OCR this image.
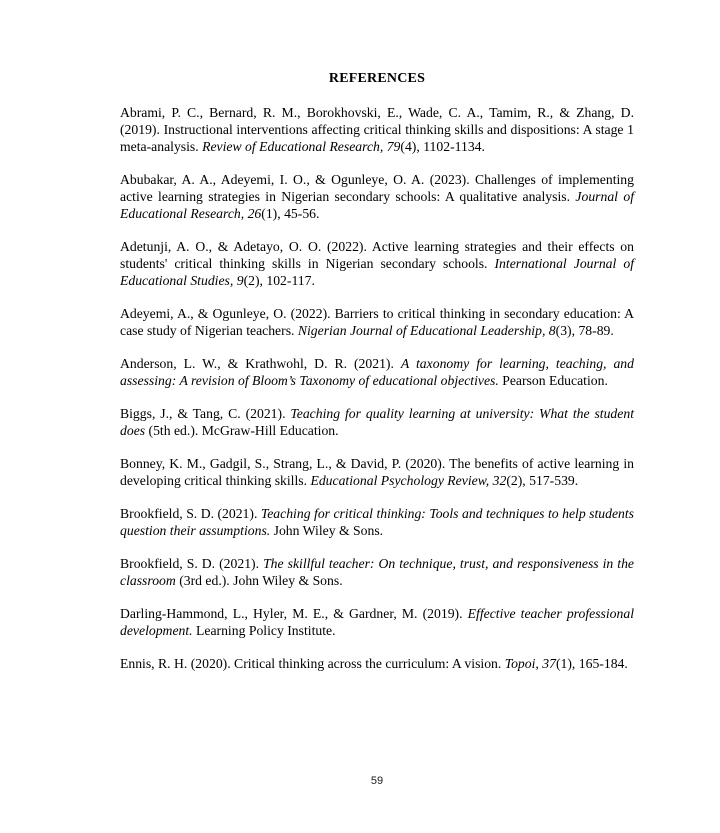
REFERENCES

Abrami, P. C., Bernard, R. M., Borokhovski, E., Wade, C. A., Tamim, R., & Zhang, D. (2019). Instructional interventions affecting critical thinking skills and dispositions: A stage 1 meta-analysis. Review of Educational Research, 79(4), 1102-1134.

Abubakar, A. A., Adeyemi, I. O., & Ogunleye, O. A. (2023). Challenges of implementing active learning strategies in Nigerian secondary schools: A qualitative analysis. Journal of Educational Research, 26(1), 45-56.

Adetunji, A. O., & Adetayo, O. O. (2022). Active learning strategies and their effects on students' critical thinking skills in Nigerian secondary schools. International Journal of Educational Studies, 9(2), 102-117.

Adeyemi, A., & Ogunleye, O. (2022). Barriers to critical thinking in secondary education: A case study of Nigerian teachers. Nigerian Journal of Educational Leadership, 8(3), 78-89.

Anderson, L. W., & Krathwohl, D. R. (2021). A taxonomy for learning, teaching, and assessing: A revision of Bloom’s Taxonomy of educational objectives. Pearson Education.

Biggs, J., & Tang, C. (2021). Teaching for quality learning at university: What the student does (5th ed.). McGraw-Hill Education.

Bonney, K. M., Gadgil, S., Strang, L., & David, P. (2020). The benefits of active learning in developing critical thinking skills. Educational Psychology Review, 32(2), 517-539.

Brookfield, S. D. (2021). Teaching for critical thinking: Tools and techniques to help students question their assumptions. John Wiley & Sons.

Brookfield, S. D. (2021). The skillful teacher: On technique, trust, and responsiveness in the classroom (3rd ed.). John Wiley & Sons.

Darling-Hammond, L., Hyler, M. E., & Gardner, M. (2019). Effective teacher professional development. Learning Policy Institute.

Ennis, R. H. (2020). Critical thinking across the curriculum: A vision. Topoi, 37(1), 165-184.

59
